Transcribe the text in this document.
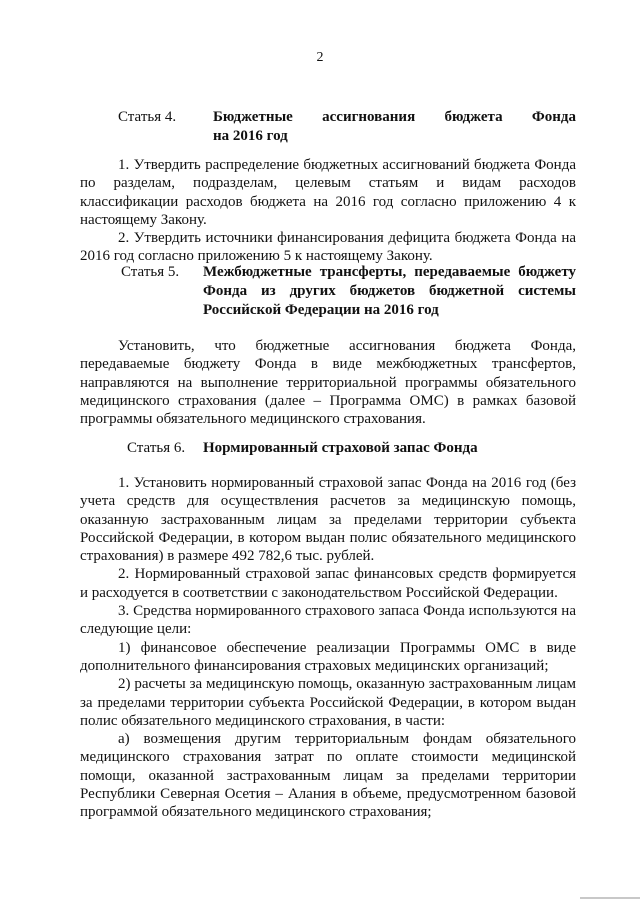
2
Статья 4.	Бюджетные ассигнования бюджета Фонда
на 2016 год

1. Утвердить распределение бюджетных ассигнований бюджета Фонда по разделам, подразделам, целевым статьям и видам расходов классификации расходов бюджета на 2016 год согласно приложению 4 к настоящему Закону.

2. Утвердить источники финансирования дефицита бюджета Фонда на 2016 год согласно приложению 5 к настоящему Закону.

Статья 5.	Межбюджетные трансферты, передаваемые бюджету Фонда из других бюджетов бюджетной системы Российской Федерации на 2016 год
Установить, что бюджетные ассигнования бюджета Фонда, передаваемые бюджету Фонда в виде межбюджетных трансфертов, направляются на выполнение территориальной программы обязательного медицинского страхования (далее – Программа ОМС) в рамках базовой программы обязательного медицинского страхования.
Статья 6.	Нормированный страховой запас Фонда

1. Установить нормированный страховой запас Фонда на 2016 год (без учета средств для осуществления расчетов за медицинскую помощь, оказанную застрахованным лицам за пределами территории субъекта Российской Федерации, в котором выдан полис обязательного медицинского страхования) в размере 492 782,6 тыс. рублей.

2. Нормированный страховой запас финансовых средств формируется и расходуется в соответствии с законодательством Российской Федерации.

3. Средства нормированного страхового запаса Фонда используются на следующие цели:

1) финансовое обеспечение реализации Программы ОМС в виде дополнительного финансирования страховых медицинских организаций;

2) расчеты за медицинскую помощь, оказанную застрахованным лицам за пределами территории субъекта Российской Федерации, в котором выдан полис обязательного медицинского страхования, в части:

а) возмещения другим территориальным фондам обязательного медицинского страхования затрат по оплате стоимости медицинской помощи, оказанной застрахованным лицам за пределами территории Республики Северная Осетия – Алания в объеме, предусмотренном базовой программой обязательного медицинского страхования;
